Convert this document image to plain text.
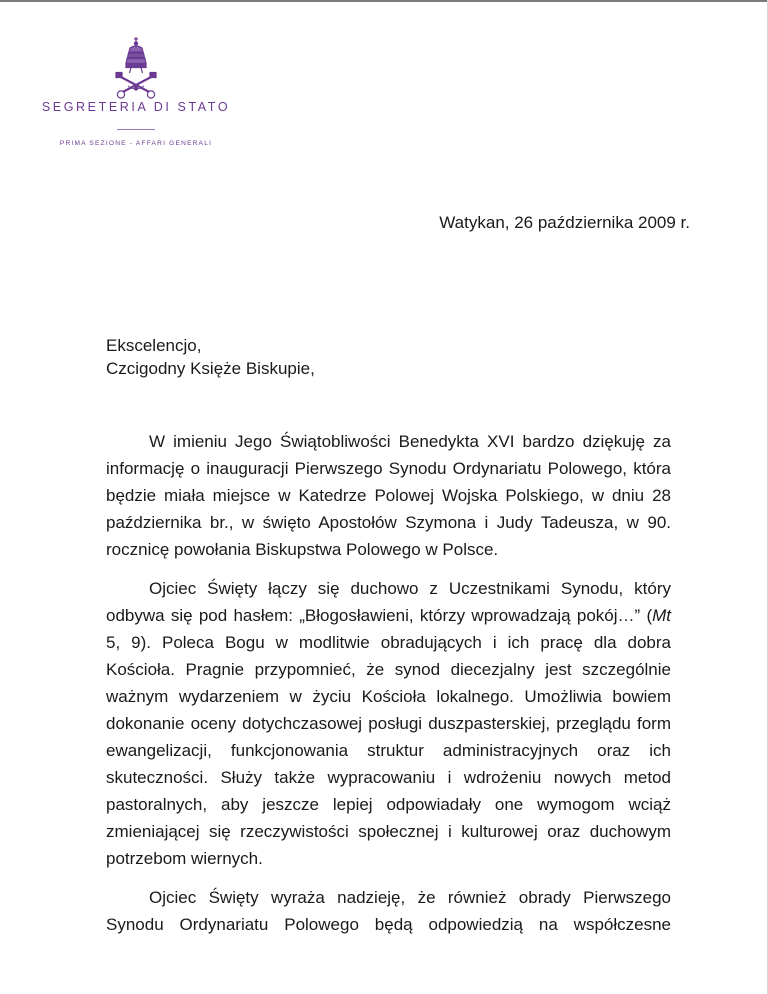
SEGRETERIA DI STATO
PRIMA SEZIONE - AFFARI GENERALI
Watykan, 26 października 2009 r.
Ekscelencjo,
Czcigodny Księże Biskupie,

W imieniu Jego Świątobliwości Benedykta XVI bardzo dziękuję za informację o inauguracji Pierwszego Synodu Ordynariatu Polowego, która będzie miała miejsce w Katedrze Polowej Wojska Polskiego, w dniu 28 października br., w święto Apostołów Szymona i Judy Tadeusza, w 90. rocznicę powołania Biskupstwa Polowego w Polsce.

Ojciec Święty łączy się duchowo z Uczestnikami Synodu, który odbywa się pod hasłem: „Błogosławieni, którzy wprowadzają pokój…” (Mt 5, 9). Poleca Bogu w modlitwie obradujących i ich pracę dla dobra Kościoła. Pragnie przypomnieć, że synod diecezjalny jest szczególnie ważnym wydarzeniem w życiu Kościoła lokalnego. Umożliwia bowiem dokonanie oceny dotychczasowej posługi duszpasterskiej, przeglądu form ewangelizacji, funkcjonowania struktur administracyjnych oraz ich skuteczności. Służy także wypracowaniu i wdrożeniu nowych metod pastoralnych, aby jeszcze lepiej odpowiadały one wymogom wciąż zmieniającej się rzeczywistości społecznej i kulturowej oraz duchowym potrzebom wiernych.

Ojciec Święty wyraża nadzieję, że również obrady Pierwszego Synodu Ordynariatu Polowego będą odpowiedzią na współczesne
